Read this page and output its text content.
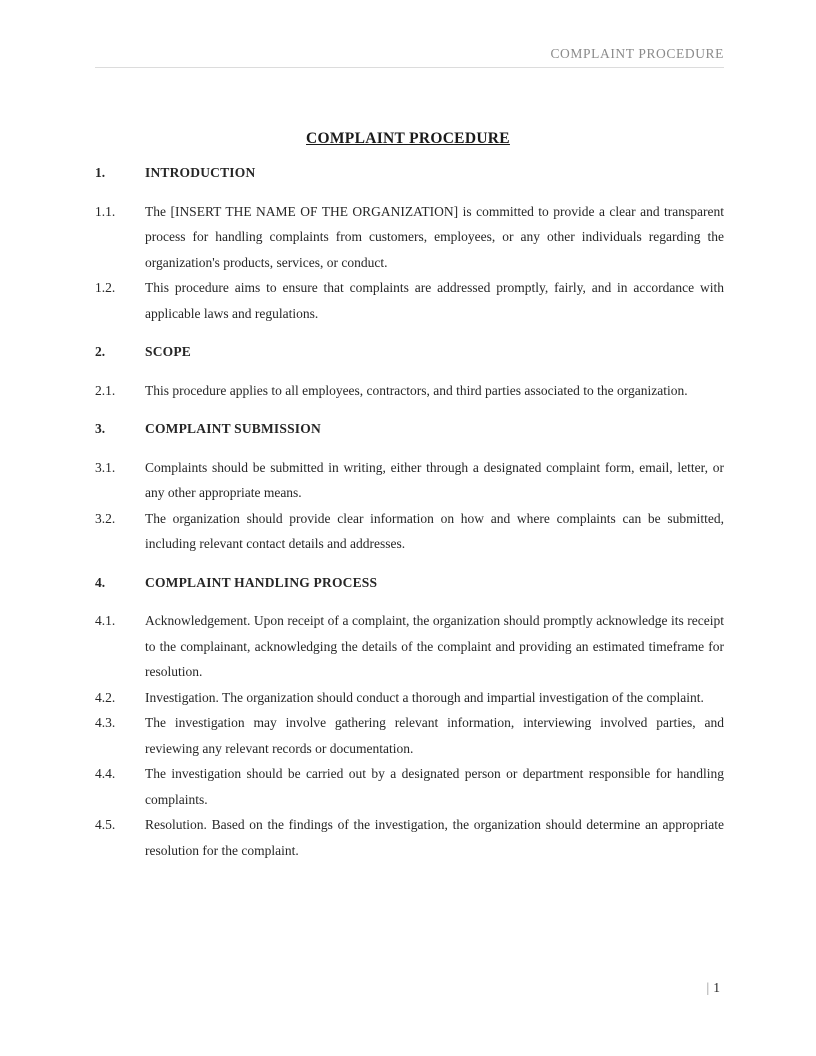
COMPLAINT PROCEDURE
COMPLAINT PROCEDURE
1.	INTRODUCTION
1.1.	The [INSERT THE NAME OF THE ORGANIZATION] is committed to provide a clear and transparent process for handling complaints from customers, employees, or any other individuals regarding the organization's products, services, or conduct.

1.2.	This procedure aims to ensure that complaints are addressed promptly, fairly, and in accordance with applicable laws and regulations.

2.	SCOPE
2.1.	This procedure applies to all employees, contractors, and third parties associated to the organization.

3.	COMPLAINT SUBMISSION
3.1.	Complaints should be submitted in writing, either through a designated complaint form, email, letter, or any other appropriate means.

3.2.	The organization should provide clear information on how and where complaints can be submitted, including relevant contact details and addresses.

4.	COMPLAINT HANDLING PROCESS
4.1.	Acknowledgement. Upon receipt of a complaint, the organization should promptly acknowledge its receipt to the complainant, acknowledging the details of the complaint and providing an estimated timeframe for resolution.

4.2.	Investigation. The organization should conduct a thorough and impartial investigation of the complaint.

4.3.	The investigation may involve gathering relevant information, interviewing involved parties, and reviewing any relevant records or documentation.

4.4.	The investigation should be carried out by a designated person or department responsible for handling complaints.

4.5.	Resolution. Based on the findings of the investigation, the organization should determine an appropriate resolution for the complaint.

| 1
